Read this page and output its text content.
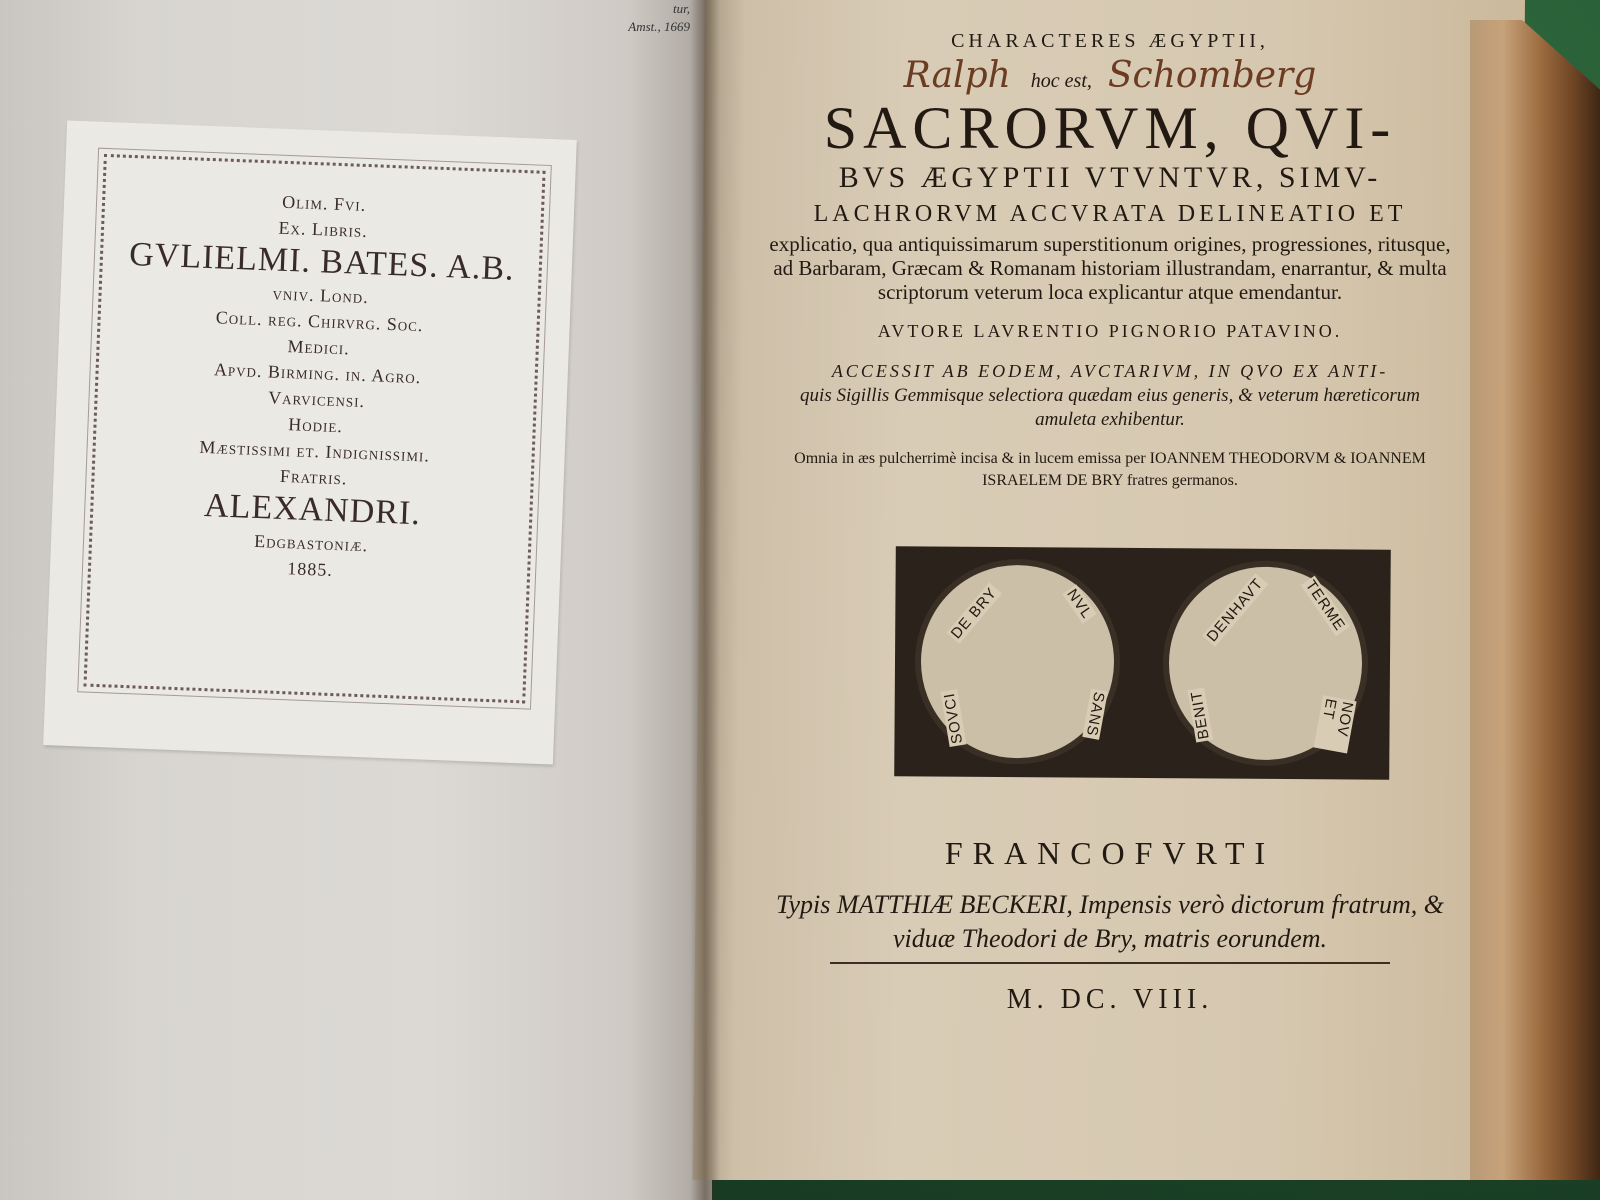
tur,
Amst., 1669
Olim. Fvi.
Ex. Libris.
GVLIELMI. BATES. A.B.
vniv. Lond.
Coll. reg. Chirvrg. Soc.
Medici.
Apvd. Birming. in. Agro.
Varvicensi.
Hodie.
Mæstissimi et. Indignissimi.
Fratris.
ALEXANDRI.
Edgbastoniæ.
1885.
CHARACTERES ÆGYPTII,
Ralph hoc est, Schomberg
SACRORVM, QVI-
BVS ÆGYPTII VTVNTVR, SIMV-
LACHRORVM ACCVRATA DELINEATIO ET
explicatio, qua antiquissimarum superstitionum origines, progressiones, ritusque, ad Barbaram, Græcam & Romanam historiam illustrandam, enarrantur, & multa scriptorum veterum loca explicantur atque emendantur.
AVTORE LAVRENTIO PIGNORIO PATAVINO.
ACCESSIT AB EODEM, AVCTARIVM, IN QVO EX ANTI-
quis Sigillis Gemmisque selectiora quædam eius generis, & veterum hæreticorum amuleta exhibentur.
Omnia in æs pulcherrimè incisa & in lucem emissa per IOANNEM THEODORVM & IOANNEM ISRAELEM DE BRY fratres germanos.
DE BRY	NVL
SOVCI	SANS
DENHAVT TERME
BENIT	NOV ET
FRANCOFVRTI
Typis MATTHIÆ BECKERI, Impensis verò dictorum fratrum, & viduæ Theodori de Bry, matris eorundem.
M. DC. VIII.
